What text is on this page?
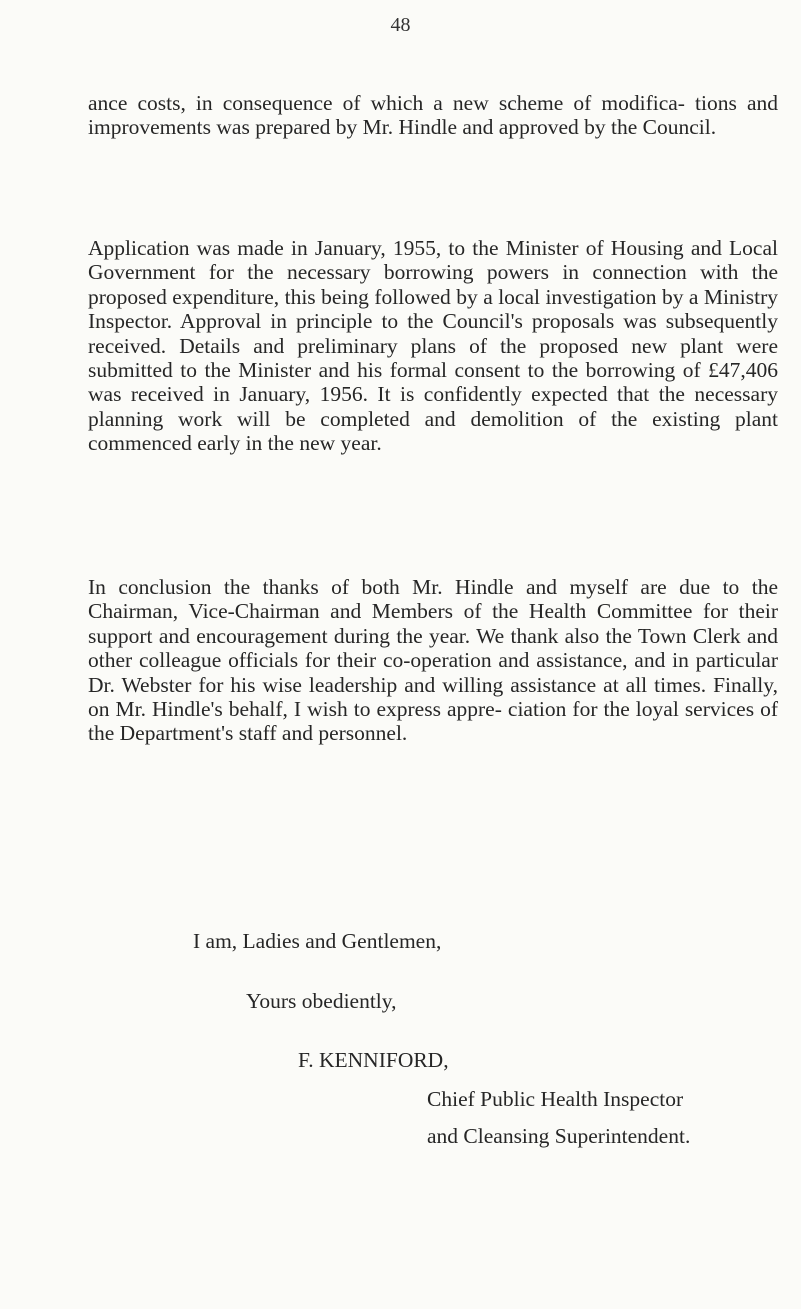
48

ance costs, in consequence of which a new scheme of modifica- tions and improvements was prepared by Mr. Hindle and approved by the Council.

Application was made in January, 1955, to the Minister of Housing and Local Government for the necessary borrowing powers in connection with the proposed expenditure, this being followed by a local investigation by a Ministry Inspector. Approval in principle to the Council's proposals was subsequently received. Details and preliminary plans of the proposed new plant were submitted to the Minister and his formal consent to the borrowing of £47,406 was received in January, 1956. It is confidently expected that the necessary planning work will be completed and demolition of the existing plant commenced early in the new year.

In conclusion the thanks of both Mr. Hindle and myself are due to the Chairman, Vice-Chairman and Members of the Health Committee for their support and encouragement during the year. We thank also the Town Clerk and other colleague officials for their co-operation and assistance, and in particular Dr. Webster for his wise leadership and willing assistance at all times. Finally, on Mr. Hindle's behalf, I wish to express appre- ciation for the loyal services of the Department's staff and personnel.

I am, Ladies and Gentlemen,

Yours obediently,

F. KENNIFORD,

Chief Public Health Inspector

and Cleansing Superintendent.
